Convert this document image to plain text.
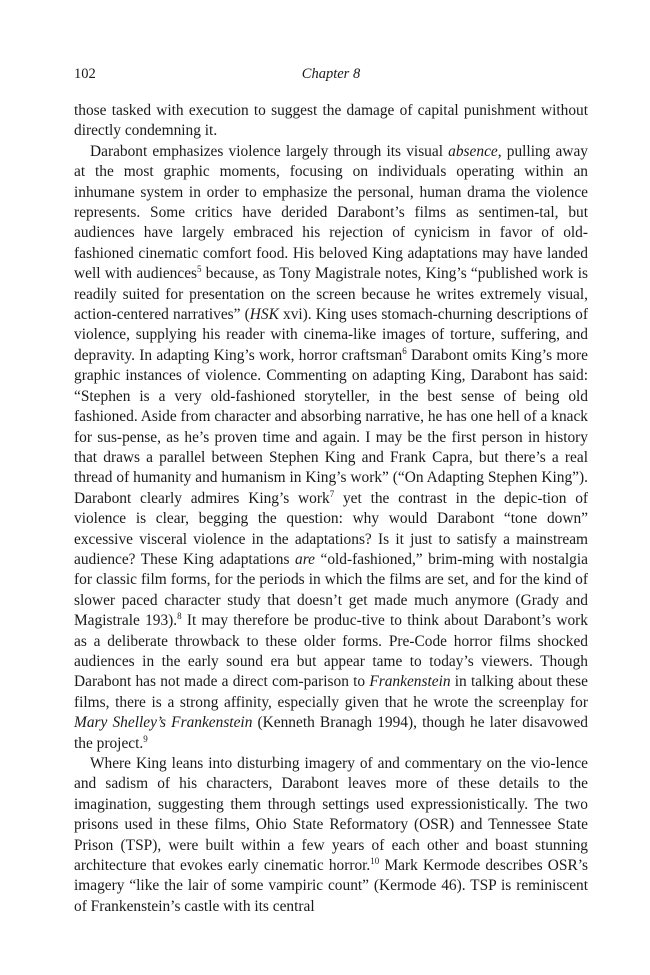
102	Chapter 8

those tasked with execution to suggest the damage of capital punishment without directly condemning it.

Darabont emphasizes violence largely through its visual absence, pulling away at the most graphic moments, focusing on individuals operating within an inhumane system in order to emphasize the personal, human drama the violence represents. Some critics have derided Darabont’s films as sentimen-tal, but audiences have largely embraced his rejection of cynicism in favor of old-fashioned cinematic comfort food. His beloved King adaptations may have landed well with audiences$^5$ because, as Tony Magistrale notes, King’s “published work is readily suited for presentation on the screen because he writes extremely visual, action-centered narratives” (HSK xvi). King uses stomach-churning descriptions of violence, supplying his reader with cinema-like images of torture, suffering, and depravity. In adapting King’s work, horror craftsman$^6$ Darabont omits King’s more graphic instances of violence. Commenting on adapting King, Darabont has said: “Stephen is a very old-fashioned storyteller, in the best sense of being old fashioned. Aside from character and absorbing narrative, he has one hell of a knack for sus-pense, as he’s proven time and again. I may be the first person in history that draws a parallel between Stephen King and Frank Capra, but there’s a real thread of humanity and humanism in King’s work” (“On Adapting Stephen King”). Darabont clearly admires King’s work$^7$ yet the contrast in the depic-tion of violence is clear, begging the question: why would Darabont “tone down” excessive visceral violence in the adaptations? Is it just to satisfy a mainstream audience? These King adaptations are “old-fashioned,” brim-ming with nostalgia for classic film forms, for the periods in which the films are set, and for the kind of slower paced character study that doesn’t get made much anymore (Grady and Magistrale 193).$^8$ It may therefore be produc-tive to think about Darabont’s work as a deliberate throwback to these older forms. Pre-Code horror films shocked audiences in the early sound era but appear tame to today’s viewers. Though Darabont has not made a direct com-parison to Frankenstein in talking about these films, there is a strong affinity, especially given that he wrote the screenplay for Mary Shelley’s Frankenstein (Kenneth Branagh 1994), though he later disavowed the project.$^9$

Where King leans into disturbing imagery of and commentary on the vio-lence and sadism of his characters, Darabont leaves more of these details to the imagination, suggesting them through settings used expressionistically. The two prisons used in these films, Ohio State Reformatory (OSR) and Tennessee State Prison (TSP), were built within a few years of each other and boast stunning architecture that evokes early cinematic horror.$^{10}$ Mark Kermode describes OSR’s imagery “like the lair of some vampiric count” (Kermode 46). TSP is reminiscent of Frankenstein’s castle with its central
